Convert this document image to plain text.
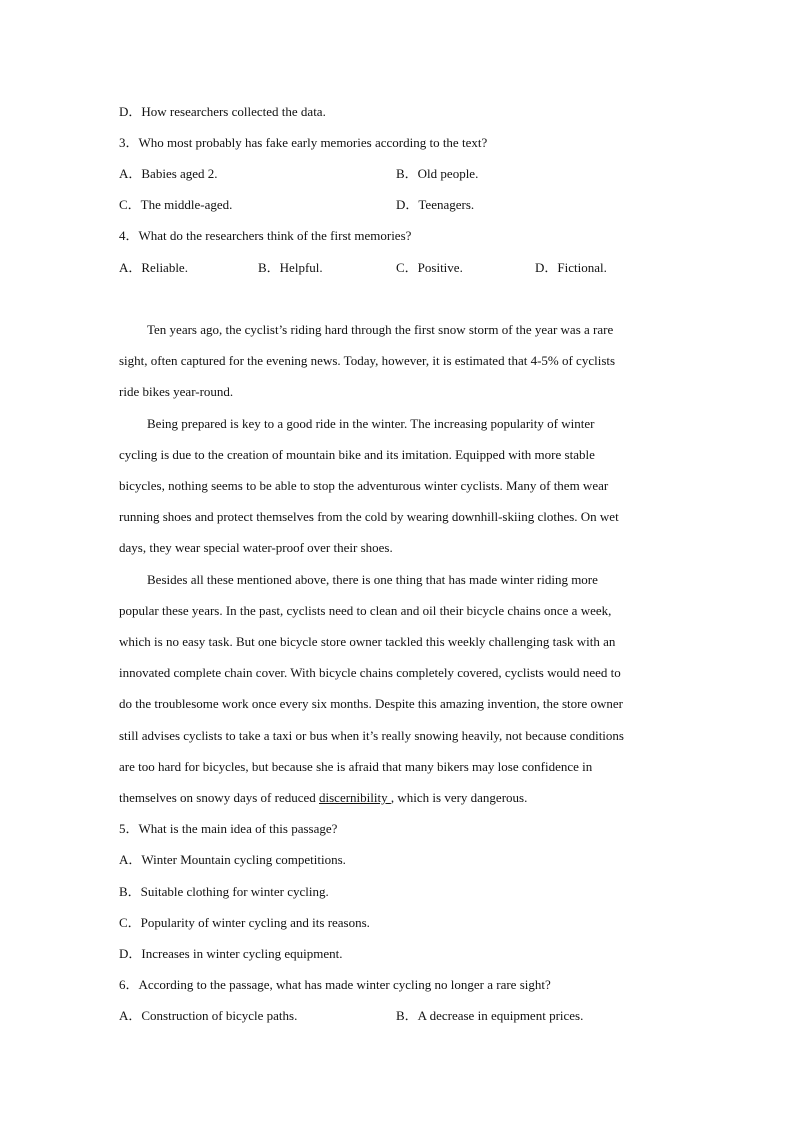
D．How researchers collected the data.
3．Who most probably has fake early memories according to the text?
A．Babies aged 2.	B．Old people.
C．The middle-aged.	D．Teenagers.
4．What do the researchers think of the first memories?
A．Reliable.	B．Helpful.	C．Positive.	D．Fictional.
Ten years ago, the cyclist’s riding hard through the first snow storm of the year was a rare
sight, often captured for the evening news. Today, however, it is estimated that 4-5% of cyclists
ride bikes year-round.
Being prepared is key to a good ride in the winter. The increasing popularity of winter
cycling is due to the creation of mountain bike and its imitation. Equipped with more stable
bicycles, nothing seems to be able to stop the adventurous winter cyclists. Many of them wear
running shoes and protect themselves from the cold by wearing downhill-skiing clothes. On wet
days, they wear special water-proof over their shoes.
Besides all these mentioned above, there is one thing that has made winter riding more
popular these years. In the past, cyclists need to clean and oil their bicycle chains once a week,
which is no easy task. But one bicycle store owner tackled this weekly challenging task with an
innovated complete chain cover. With bicycle chains completely covered, cyclists would need to
do the troublesome work once every six months. Despite this amazing invention, the store owner
still advises cyclists to take a taxi or bus when it’s really snowing heavily, not because conditions
are too hard for bicycles, but because she is afraid that many bikers may lose confidence in
themselves on snowy days of reduced discernibility , which is very dangerous.
5．What is the main idea of this passage?
A．Winter Mountain cycling competitions.
B．Suitable clothing for winter cycling.
C．Popularity of winter cycling and its reasons.
D．Increases in winter cycling equipment.
6．According to the passage, what has made winter cycling no longer a rare sight?
A．Construction of bicycle paths.	B．A decrease in equipment prices.
